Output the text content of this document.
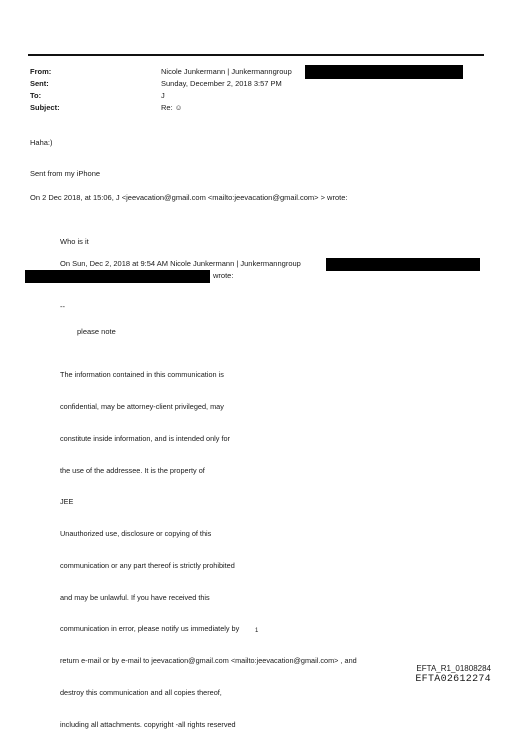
From:	Nicole Junkermann | Junkermanngroup
Sent:	Sunday, December 2, 2018 3:57 PM
To:	J
Subject:	Re: ☺
Haha:)
Sent from my iPhone
On 2 Dec 2018, at 15:06, J <jeevacation@gmail.com <mailto:jeevacation@gmail.com> > wrote:
Who is it
On Sun, Dec 2, 2018 at 9:54 AM Nicole Junkermann | Junkermanngroup
wrote:
--
please note

The information contained in this communication is

confidential, may be attorney-client privileged, may

constitute inside information, and is intended only for

the use of the addressee. It is the property of

JEE

Unauthorized use, disclosure or copying of this

communication or any part thereof is strictly prohibited

and may be unlawful. If you have received this

communication in error, please notify us immediately by

return e-mail or by e-mail to jeevacation@gmail.com <mailto:jeevacation@gmail.com> , and

destroy this communication and all copies thereof,

including all attachments. copyright -all rights reserved

1
EFTA_R1_01808284
EFTA02612274
